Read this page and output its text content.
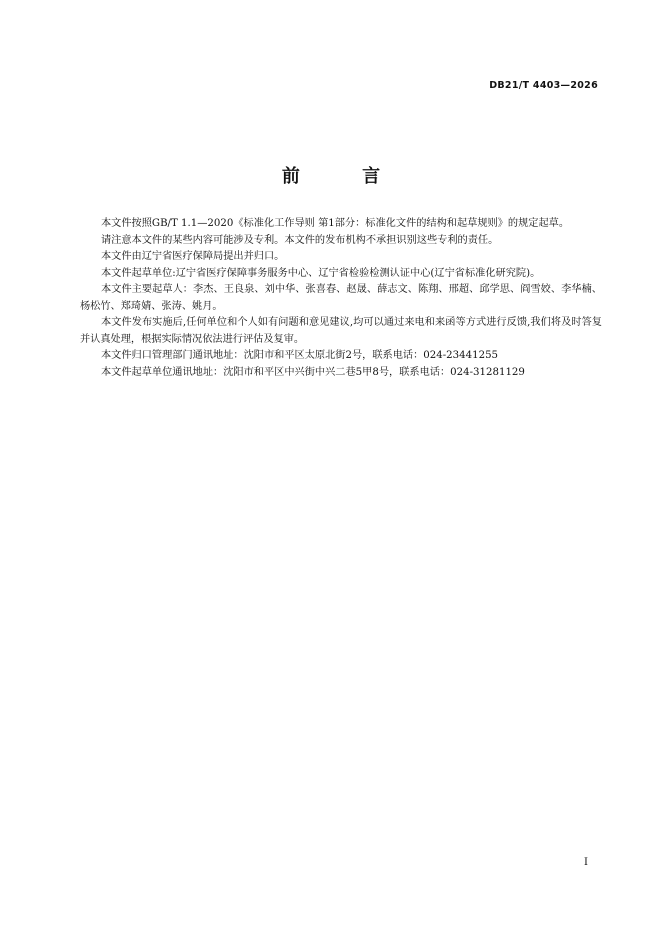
DB21/T 4403—2026
前 言

本文件按照GB/T 1.1—2020《标准化工作导则 第1部分：标准化文件的结构和起草规则》的规定起草。

请注意本文件的某些内容可能涉及专利。本文件的发布机构不承担识别这些专利的责任。

本文件由辽宁省医疗保障局提出并归口。

本文件起草单位:辽宁省医疗保障事务服务中心、辽宁省检验检测认证中心(辽宁省标准化研究院)。

本文件主要起草人：李杰、王良泉、刘中华、张喜春、赵晟、薛志文、陈翔、邢超、邱学思、阎雪姣、李华楠、杨松竹、郑琦婧、张涛、姚月。

本文件发布实施后,任何单位和个人如有问题和意见建议,均可以通过来电和来函等方式进行反馈,我们将及时答复并认真处理，根据实际情况依法进行评估及复审。

本文件归口管理部门通讯地址：沈阳市和平区太原北街2号，联系电话：024-23441255

本文件起草单位通讯地址：沈阳市和平区中兴街中兴二巷5甲8号，联系电话：024-31281129

I
